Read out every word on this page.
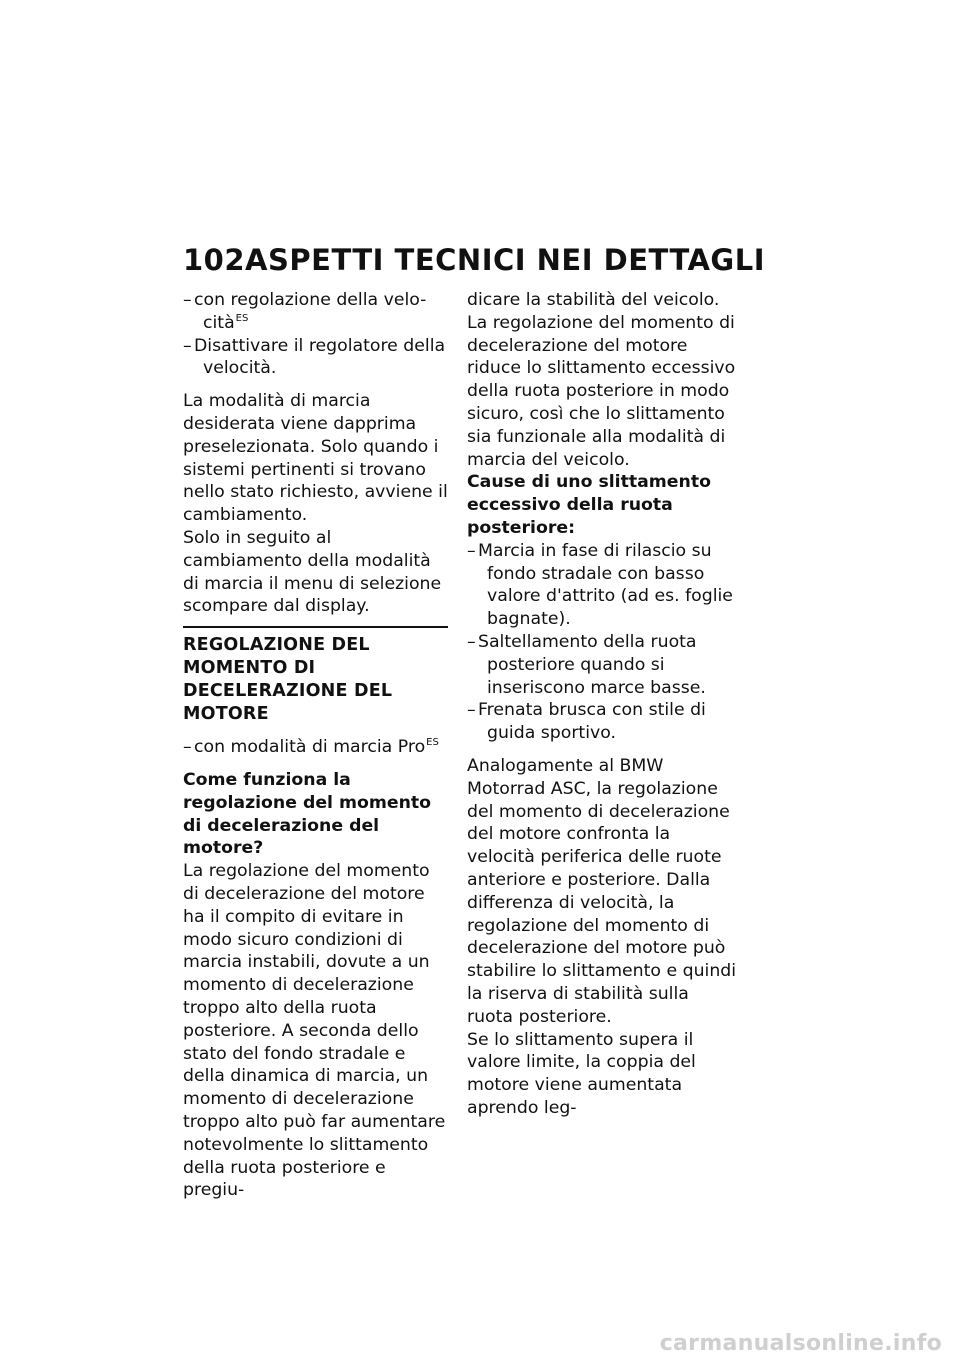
102 ASPETTI TECNICI NEI DETTAGLI

– con regolazione della velo-cità$^{ES}$

– Disattivare il regolatore della velocità.

La modalità di marcia desiderata viene dapprima preselezionata. Solo quando i sistemi pertinenti si trovano nello stato richiesto, avviene il cambiamento.

Solo in seguito al cambiamento della modalità di marcia il menu di selezione scompare dal display.

REGOLAZIONE DEL MOMENTO DI DECELERAZIONE DEL MOTORE

– con modalità di marcia Pro$^{ES}$

Come funziona la regolazione del momento di decelerazione del motore?

La regolazione del momento di decelerazione del motore ha il compito di evitare in modo sicuro condizioni di marcia instabili, dovute a un momento di decelerazione troppo alto della ruota posteriore. A seconda dello stato del fondo stradale e della dinamica di marcia, un momento di decelerazione troppo alto può far aumentare notevolmente lo slittamento della ruota posteriore e pregiu-

dicare la stabilità del veicolo.

La regolazione del momento di decelerazione del motore riduce lo slittamento eccessivo della ruota posteriore in modo sicuro, così che lo slittamento sia funzionale alla modalità di marcia del veicolo.

Cause di uno slittamento eccessivo della ruota posteriore:

– Marcia in fase di rilascio su fondo stradale con basso valore d'attrito (ad es. foglie bagnate).

– Saltellamento della ruota posteriore quando si inseriscono marce basse.

– Frenata brusca con stile di guida sportivo.

Analogamente al BMW Motorrad ASC, la regolazione del momento di decelerazione del motore confronta la velocità periferica delle ruote anteriore e posteriore. Dalla differenza di velocità, la regolazione del momento di decelerazione del motore può stabilire lo slittamento e quindi la riserva di stabilità sulla ruota posteriore.

Se lo slittamento supera il valore limite, la coppia del motore viene aumentata aprendo leg-

carmanualsonline.info
